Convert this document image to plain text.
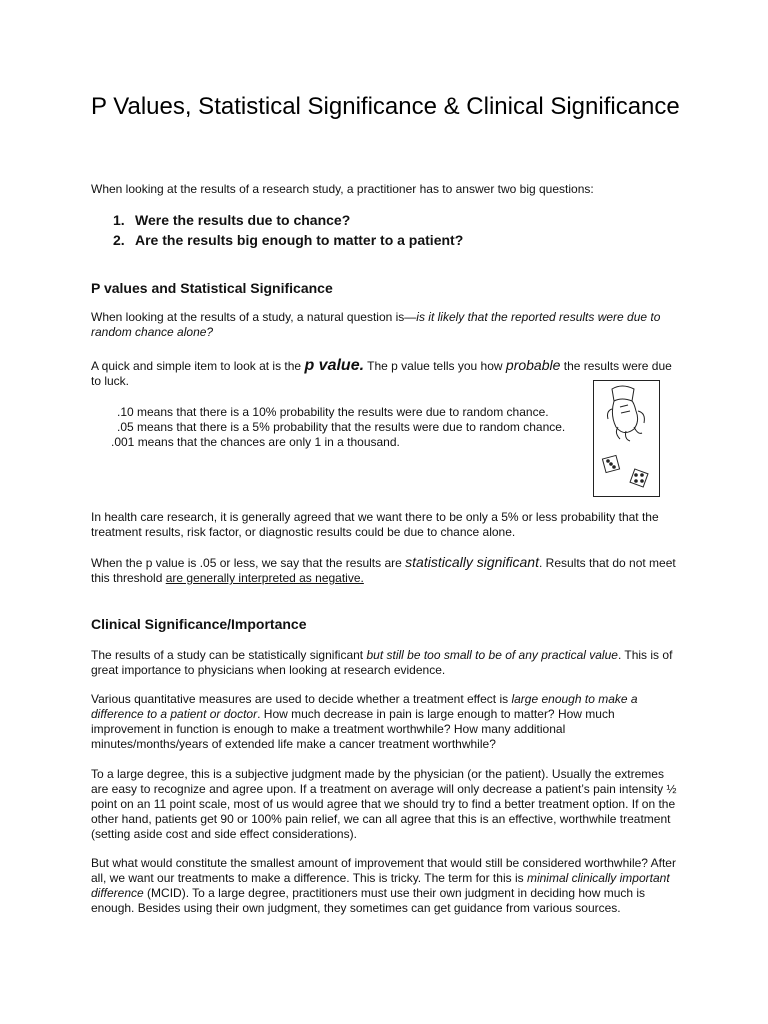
P Values, Statistical Significance & Clinical Significance

When looking at the results of a research study, a practitioner has to answer two big questions:

1. Were the results due to chance?
2. Are the results big enough to matter to a patient?
P values and Statistical Significance

When looking at the results of a study, a natural question is—is it likely that the reported results were due to random chance alone?

A quick and simple item to look at is the p value. The p value tells you how probable the results were due to luck.

.10 means that there is a 10% probability the results were due to random chance.

.05 means that there is a 5% probability that the results were due to random chance.

.001 means that the chances are only 1 in a thousand.

In health care research, it is generally agreed that we want there to be only a 5% or less probability that the treatment results, risk factor, or diagnostic results could be due to chance alone.

When the p value is .05 or less, we say that the results are statistically significant. Results that do not meet this threshold are generally interpreted as negative.

Clinical Significance/Importance

The results of a study can be statistically significant but still be too small to be of any practical value. This is of great importance to physicians when looking at research evidence.

Various quantitative measures are used to decide whether a treatment effect is large enough to make a difference to a patient or doctor. How much decrease in pain is large enough to matter? How much improvement in function is enough to make a treatment worthwhile? How many additional minutes/months/years of extended life make a cancer treatment worthwhile?

To a large degree, this is a subjective judgment made by the physician (or the patient). Usually the extremes are easy to recognize and agree upon. If a treatment on average will only decrease a patient’s pain intensity ½ point on an 11 point scale, most of us would agree that we should try to find a better treatment option. If on the other hand, patients get 90 or 100% pain relief, we can all agree that this is an effective, worthwhile treatment (setting aside cost and side effect considerations).

But what would constitute the smallest amount of improvement that would still be considered worthwhile? After all, we want our treatments to make a difference. This is tricky. The term for this is minimal clinically important difference (MCID). To a large degree, practitioners must use their own judgment in deciding how much is enough. Besides using their own judgment, they sometimes can get guidance from various sources.
